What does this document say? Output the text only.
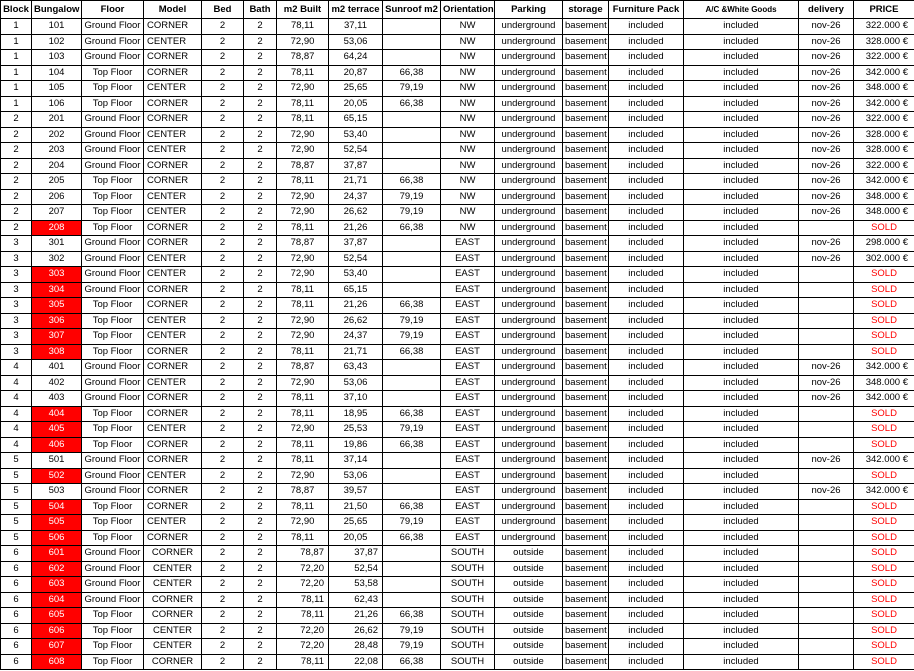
Block	Bungalow	Floor	Model	Bed	Bath	m2 Built	m2 terrace	Sunroof m2	Orientation	Parking	storage	Furniture Pack	A/C &White Goods	delivery	PRICE
1	101	Ground Floor	CORNER	2	2	78,11	37,11		NW	underground	basement	included	included	nov-26	322.000 €
1	102	Ground Floor	CENTER	2	2	72,90	53,06		NW	underground	basement	included	included	nov-26	328.000 €
1	103	Ground Floor	CORNER	2	2	78,87	64,24		NW	underground	basement	included	included	nov-26	322.000 €
1	104	Top Floor	CORNER	2	2	78,11	20,87	66,38	NW	underground	basement	included	included	nov-26	342.000 €
1	105	Top Floor	CENTER	2	2	72,90	25,65	79,19	NW	underground	basement	included	included	nov-26	348.000 €
1	106	Top Floor	CORNER	2	2	78,11	20,05	66,38	NW	underground	basement	included	included	nov-26	342.000 €
2	201	Ground Floor	CORNER	2	2	78,11	65,15		NW	underground	basement	included	included	nov-26	322.000 €
2	202	Ground Floor	CENTER	2	2	72,90	53,40		NW	underground	basement	included	included	nov-26	328.000 €
2	203	Ground Floor	CENTER	2	2	72,90	52,54		NW	underground	basement	included	included	nov-26	328.000 €
2	204	Ground Floor	CORNER	2	2	78,87	37,87		NW	underground	basement	included	included	nov-26	322.000 €
2	205	Top Floor	CORNER	2	2	78,11	21,71	66,38	NW	underground	basement	included	included	nov-26	342.000 €
2	206	Top Floor	CENTER	2	2	72,90	24,37	79,19	NW	underground	basement	included	included	nov-26	348.000 €
2	207	Top Floor	CENTER	2	2	72,90	26,62	79,19	NW	underground	basement	included	included	nov-26	348.000 €
2	208	Top Floor	CORNER	2	2	78,11	21,26	66,38	NW	underground	basement	included	included		SOLD
3	301	Ground Floor	CORNER	2	2	78,87	37,87		EAST	underground	basement	included	included	nov-26	298.000 €
3	302	Ground Floor	CENTER	2	2	72,90	52,54		EAST	underground	basement	included	included	nov-26	302.000 €
3	303	Ground Floor	CENTER	2	2	72,90	53,40		EAST	underground	basement	included	included		SOLD
3	304	Ground Floor	CORNER	2	2	78,11	65,15		EAST	underground	basement	included	included		SOLD
3	305	Top Floor	CORNER	2	2	78,11	21,26	66,38	EAST	underground	basement	included	included		SOLD
3	306	Top Floor	CENTER	2	2	72,90	26,62	79,19	EAST	underground	basement	included	included		SOLD
3	307	Top Floor	CENTER	2	2	72,90	24,37	79,19	EAST	underground	basement	included	included		SOLD
3	308	Top Floor	CORNER	2	2	78,11	21,71	66,38	EAST	underground	basement	included	included		SOLD
4	401	Ground Floor	CORNER	2	2	78,87	63,43		EAST	underground	basement	included	included	nov-26	342.000 €
4	402	Ground Floor	CENTER	2	2	72,90	53,06		EAST	underground	basement	included	included	nov-26	348.000 €
4	403	Ground Floor	CORNER	2	2	78,11	37,10		EAST	underground	basement	included	included	nov-26	342.000 €
4	404	Top Floor	CORNER	2	2	78,11	18,95	66,38	EAST	underground	basement	included	included		SOLD
4	405	Top Floor	CENTER	2	2	72,90	25,53	79,19	EAST	underground	basement	included	included		SOLD
4	406	Top Floor	CORNER	2	2	78,11	19,86	66,38	EAST	underground	basement	included	included		SOLD
5	501	Ground Floor	CORNER	2	2	78,11	37,14		EAST	underground	basement	included	included	nov-26	342.000 €
5	502	Ground Floor	CENTER	2	2	72,90	53,06		EAST	underground	basement	included	included		SOLD
5	503	Ground Floor	CORNER	2	2	78,87	39,57		EAST	underground	basement	included	included	nov-26	342.000 €
5	504	Top Floor	CORNER	2	2	78,11	21,50	66,38	EAST	underground	basement	included	included		SOLD
5	505	Top Floor	CENTER	2	2	72,90	25,65	79,19	EAST	underground	basement	included	included		SOLD
5	506	Top Floor	CORNER	2	2	78,11	20,05	66,38	EAST	underground	basement	included	included		SOLD
6	601	Ground Floor	CORNER	2	2	78,87	37,87		SOUTH	outside	basement	included	included		SOLD
6	602	Ground Floor	CENTER	2	2	72,20	52,54		SOUTH	outside	basement	included	included		SOLD
6	603	Ground Floor	CENTER	2	2	72,20	53,58		SOUTH	outside	basement	included	included		SOLD
6	604	Ground Floor	CORNER	2	2	78,11	62,43		SOUTH	outside	basement	included	included		SOLD
6	605	Top Floor	CORNER	2	2	78,11	21,26	66,38	SOUTH	outside	basement	included	included		SOLD
6	606	Top Floor	CENTER	2	2	72,20	26,62	79,19	SOUTH	outside	basement	included	included		SOLD
6	607	Top Floor	CENTER	2	2	72,20	28,48	79,19	SOUTH	outside	basement	included	included		SOLD
6	608	Top Floor	CORNER	2	2	78,11	22,08	66,38	SOUTH	outside	basement	included	included		SOLD
